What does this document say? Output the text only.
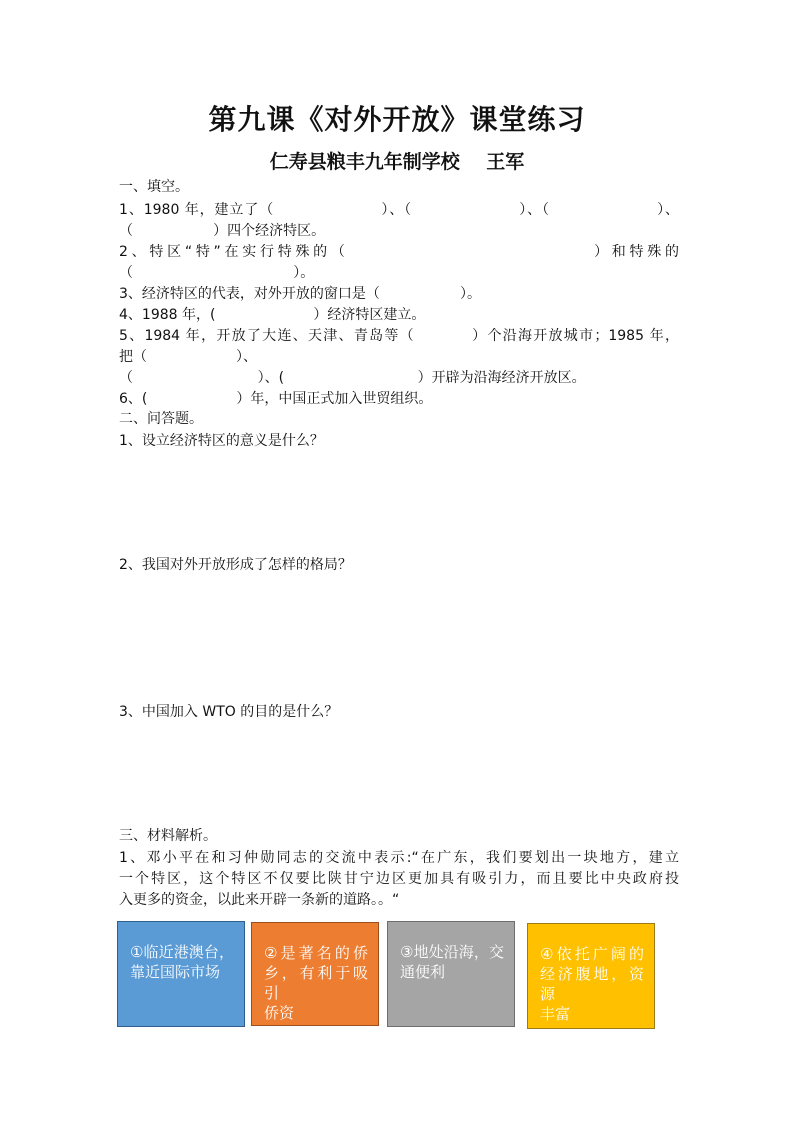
第九课《对外开放》课堂练习
仁寿县粮丰九年制学校    王军
一、填空。
1、1980 年，建立了（                    ）、（                    ）、（                    ）、
（                  ）四个经济特区。
2、特区“特”在实行特殊的（                              ）和特殊的
（                                    ）。
3、经济特区的代表，对外开放的窗口是（                  ）。
4、1988 年，(                      ）经济特区建立。
5、1984 年，开放了大连、天津、青岛等（          ）个沿海开放城市；1985 年，
把（                    ）、
（                            ）、(                              ）开辟为沿海经济开放区。
6、(                    ）年，中国正式加入世贸组织。
二、问答题。
1、设立经济特区的意义是什么？
2、我国对外开放形成了怎样的格局？
3、中国加入 WTO 的目的是什么？
三、材料解析。
1、邓小平在和习仲勋同志的交流中表示:“在广东，我们要划出一块地方，建立
一个特区，这个特区不仅要比陕甘宁边区更加具有吸引力，而且要比中央政府投
入更多的资金，以此来开辟一条新的道路。。“
①临近港澳台，
靠近国际市场
②是著名的侨
乡，有利于吸引
侨资
③地处沿海，交
通便利
④依托广阔的
经济腹地，资源
丰富
